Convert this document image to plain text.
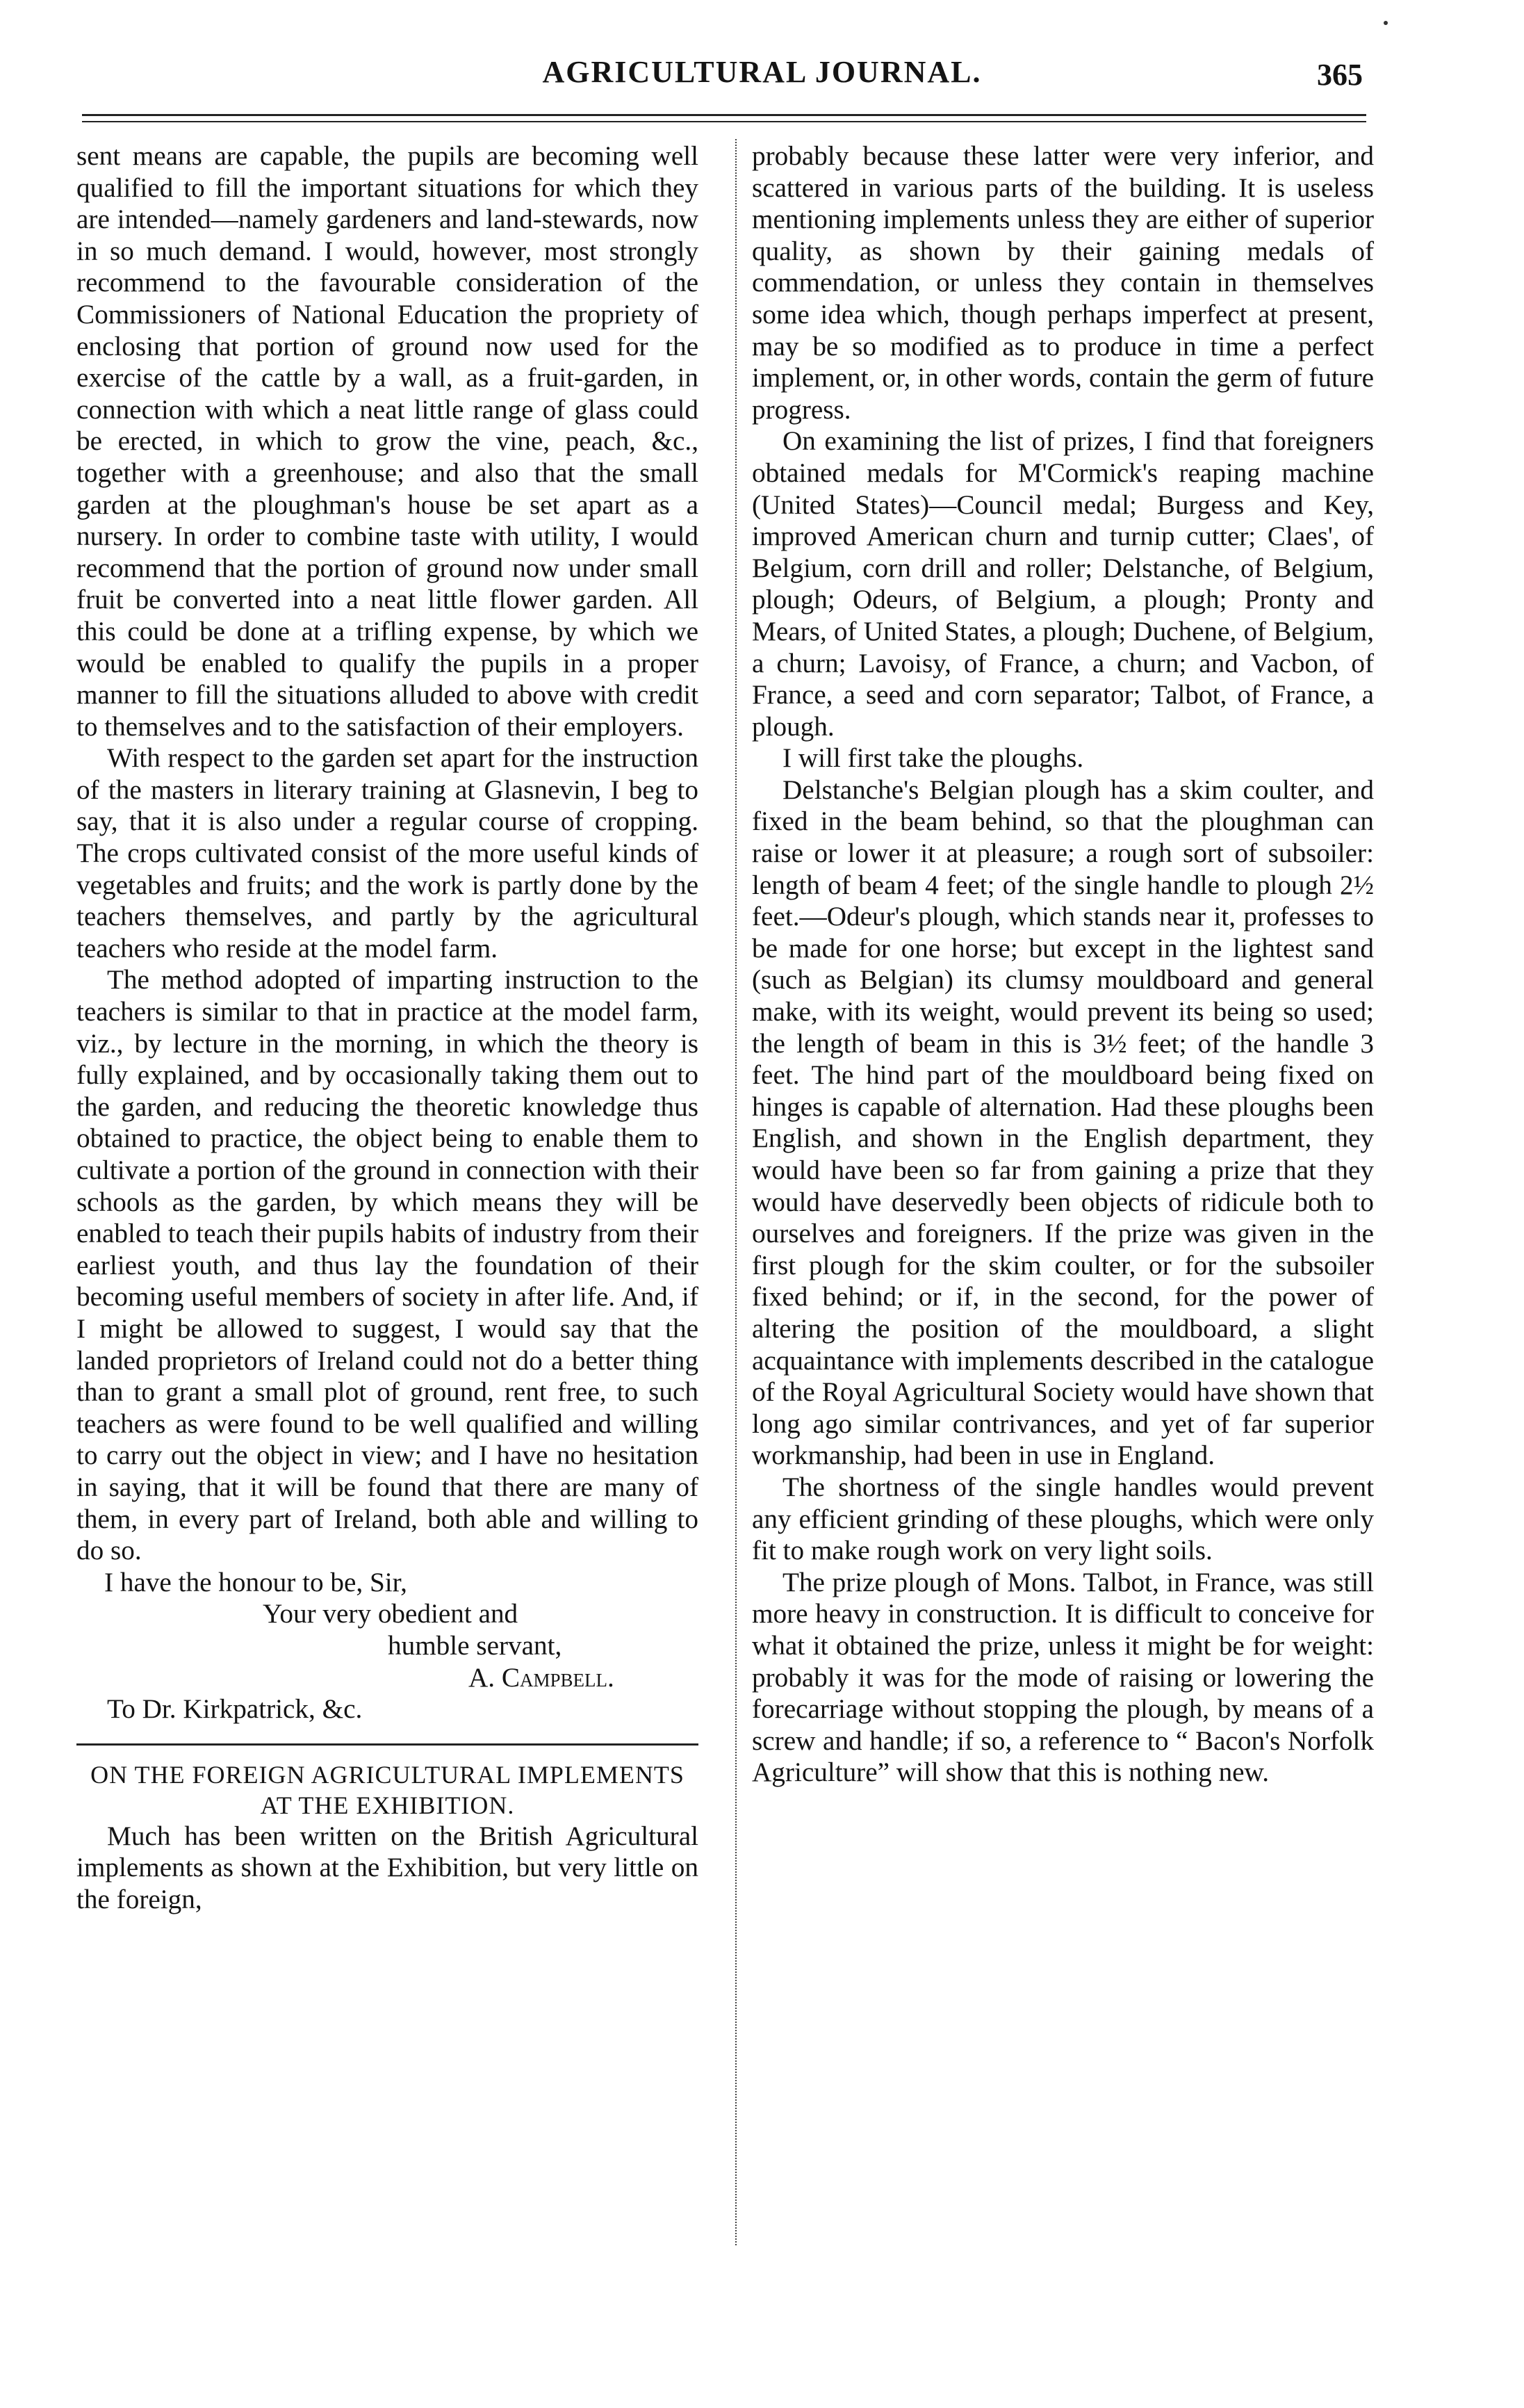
AGRICULTURAL JOURNAL.	365

sent means are capable, the pupils are becoming well qualified to fill the important situations for which they are intended—namely gardeners and land-stewards, now in so much demand. I would, however, most strongly recommend to the favourable consideration of the Commissioners of National Education the propriety of enclosing that portion of ground now used for the exercise of the cattle by a wall, as a fruit-garden, in connection with which a neat little range of glass could be erected, in which to grow the vine, peach, &c., together with a greenhouse; and also that the small garden at the ploughman's house be set apart as a nursery. In order to combine taste with utility, I would recommend that the portion of ground now under small fruit be converted into a neat little flower garden. All this could be done at a trifling expense, by which we would be enabled to qualify the pupils in a proper manner to fill the situations alluded to above with credit to themselves and to the satisfaction of their employers.

With respect to the garden set apart for the instruction of the masters in literary training at Glasnevin, I beg to say, that it is also under a regular course of cropping. The crops cultivated consist of the more useful kinds of vegetables and fruits; and the work is partly done by the teachers themselves, and partly by the agricultural teachers who reside at the model farm.

The method adopted of imparting instruction to the teachers is similar to that in practice at the model farm, viz., by lecture in the morning, in which the theory is fully explained, and by occasionally taking them out to the garden, and reducing the theoretic knowledge thus obtained to practice, the object being to enable them to cultivate a portion of the ground in connection with their schools as the garden, by which means they will be enabled to teach their pupils habits of industry from their earliest youth, and thus lay the foundation of their becoming useful members of society in after life. And, if I might be allowed to suggest, I would say that the landed proprietors of Ireland could not do a better thing than to grant a small plot of ground, rent free, to such teachers as were found to be well qualified and willing to carry out the object in view; and I have no hesitation in saying, that it will be found that there are many of them, in every part of Ireland, both able and willing to do so.

I have the honour to be, Sir,

Your very obedient and
humble servant,
A. Campbell.

To Dr. Kirkpatrick, &c.

ON THE FOREIGN AGRICULTURAL IMPLEMENTS AT THE EXHIBITION.

Much has been written on the British Agricultural implements as shown at the Exhibition, but very little on the foreign,

probably because these latter were very inferior, and scattered in various parts of the building. It is useless mentioning implements unless they are either of superior quality, as shown by their gaining medals of commendation, or unless they contain in themselves some idea which, though perhaps imperfect at present, may be so modified as to produce in time a perfect implement, or, in other words, contain the germ of future progress.

On examining the list of prizes, I find that foreigners obtained medals for M'Cormick's reaping machine (United States)—Council medal; Burgess and Key, improved American churn and turnip cutter; Claes', of Belgium, corn drill and roller; Delstanche, of Belgium, plough; Odeurs, of Belgium, a plough; Pronty and Mears, of United States, a plough; Duchene, of Belgium, a churn; Lavoisy, of France, a churn; and Vacbon, of France, a seed and corn separator; Talbot, of France, a plough.

I will first take the ploughs.

Delstanche's Belgian plough has a skim coulter, and fixed in the beam behind, so that the ploughman can raise or lower it at pleasure; a rough sort of subsoiler: length of beam 4 feet; of the single handle to plough 2½ feet.—Odeur's plough, which stands near it, professes to be made for one horse; but except in the lightest sand (such as Belgian) its clumsy mouldboard and general make, with its weight, would prevent its being so used; the length of beam in this is 3½ feet; of the handle 3 feet. The hind part of the mouldboard being fixed on hinges is capable of alternation. Had these ploughs been English, and shown in the English department, they would have been so far from gaining a prize that they would have deservedly been objects of ridicule both to ourselves and foreigners. If the prize was given in the first plough for the skim coulter, or for the subsoiler fixed behind; or if, in the second, for the power of altering the position of the mouldboard, a slight acquaintance with implements described in the catalogue of the Royal Agricultural Society would have shown that long ago similar contrivances, and yet of far superior workmanship, had been in use in England.

The shortness of the single handles would prevent any efficient grinding of these ploughs, which were only fit to make rough work on very light soils.

The prize plough of Mons. Talbot, in France, was still more heavy in construction. It is difficult to conceive for what it obtained the prize, unless it might be for weight: probably it was for the mode of raising or lowering the forecarriage without stopping the plough, by means of a screw and handle; if so, a reference to “ Bacon's Norfolk Agriculture” will show that this is nothing new.
